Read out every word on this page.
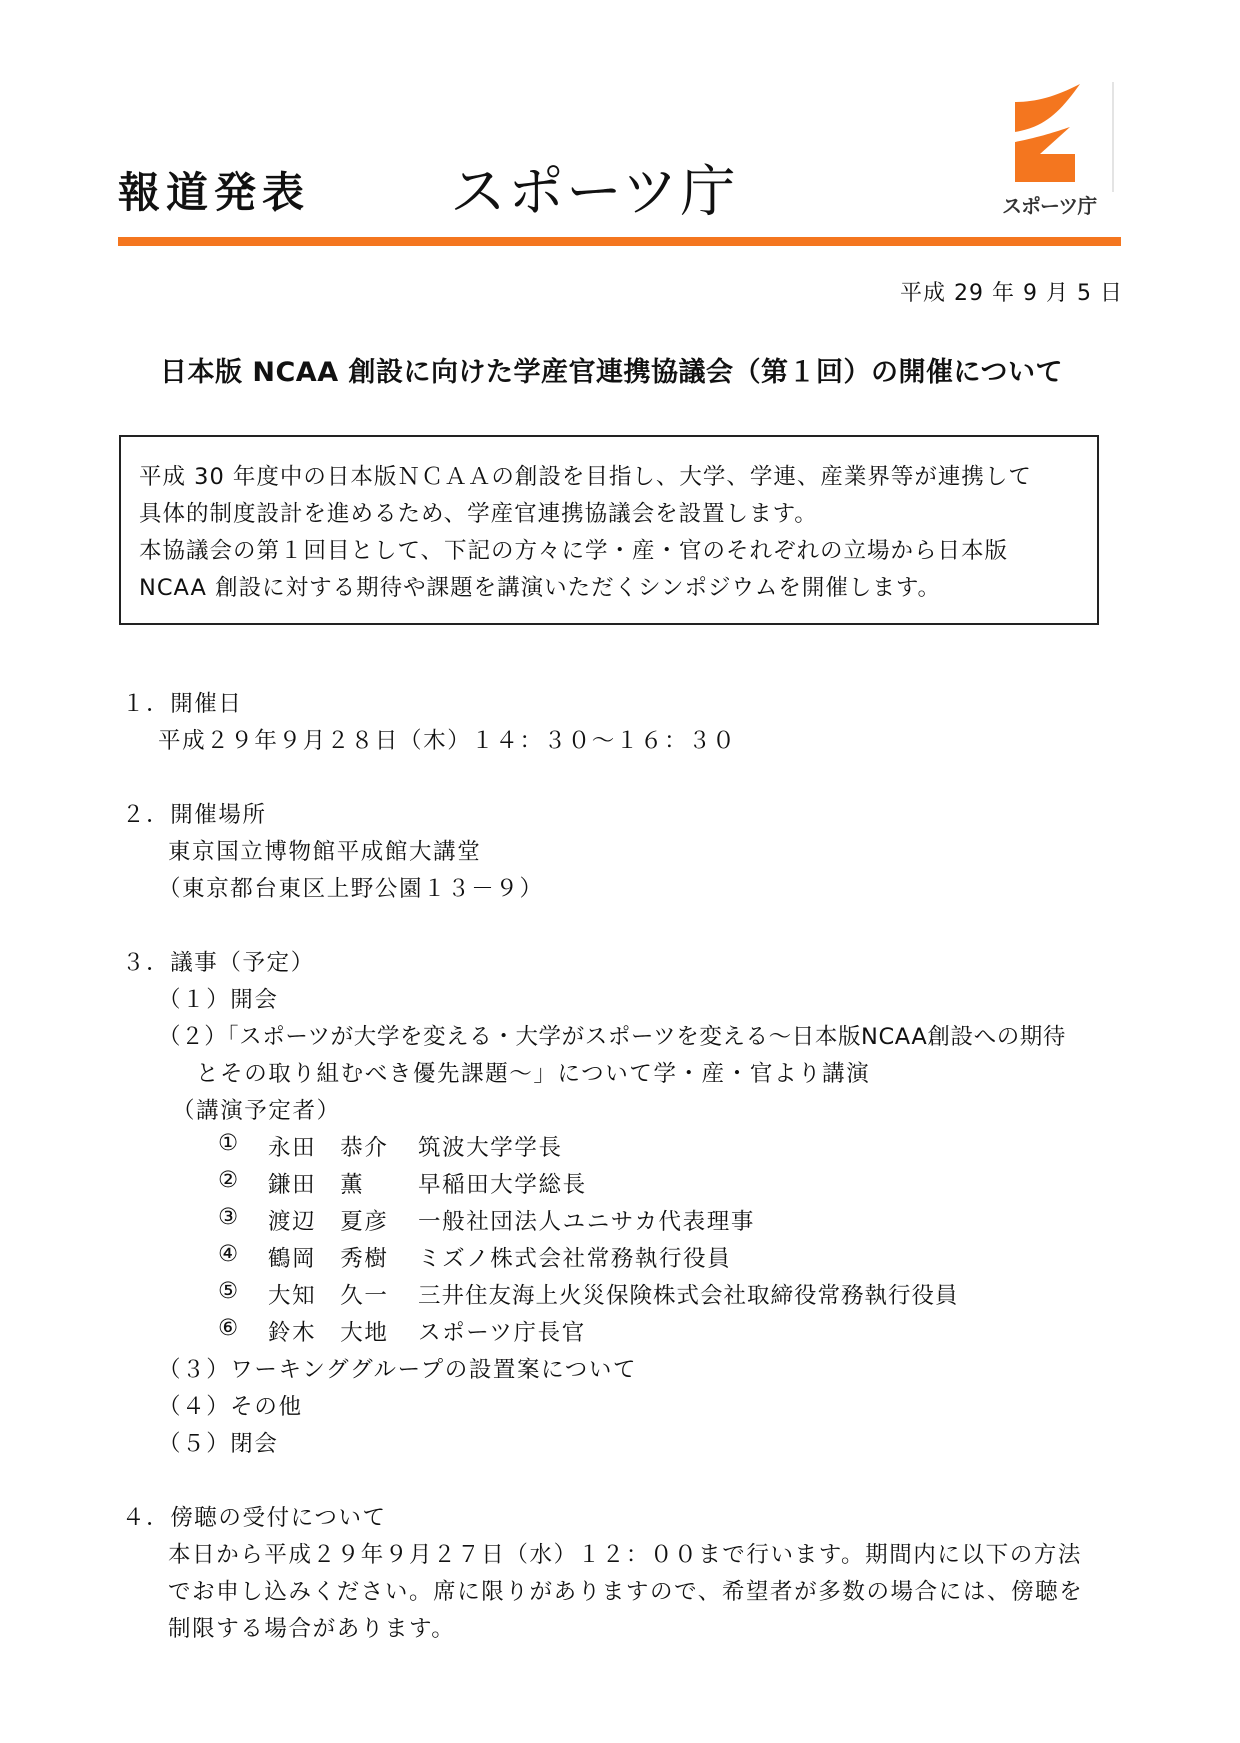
報道発表 スポーツ庁	スポーツ庁
平成 29 年 9 月 5 日
日本版 NCAA 創設に向けた学産官連携協議会（第１回）の開催について
平成 30 年度中の日本版ＮＣＡＡの創設を目指し、大学、学連、産業界等が連携して
具体的制度設計を進めるため、学産官連携協議会を設置します。
本協議会の第１回目として、下記の方々に学・産・官のそれぞれの立場から日本版
NCAA 創設に対する期待や課題を講演いただくシンポジウムを開催します。
１．開催日
平成２９年９月２８日（木）１４：３０～１６：３０
２．開催場所
東京国立博物館平成館大講堂
（東京都台東区上野公園１３－９）
３．議事（予定）
（１）開会
（２）「スポーツが大学を変える・大学がスポーツを変える～日本版NCAA創設への期待
とその取り組むべき優先課題～」について学・産・官より講演
（講演予定者）
① 永田　恭介 筑波大学学長
② 鎌田　薫 早稲田大学総長
③ 渡辺　夏彦 一般社団法人ユニサカ代表理事
④ 鶴岡　秀樹 ミズノ株式会社常務執行役員
⑤ 大知　久一 三井住友海上火災保険株式会社取締役常務執行役員
⑥ 鈴木　大地 スポーツ庁長官
（３）ワーキンググループの設置案について
（４）その他
（５）閉会
４．傍聴の受付について
本日から平成２９年９月２７日（水）１２：００まで行います。期間内に以下の方法
でお申し込みください。席に限りがありますので、希望者が多数の場合には、傍聴を
制限する場合があります。
